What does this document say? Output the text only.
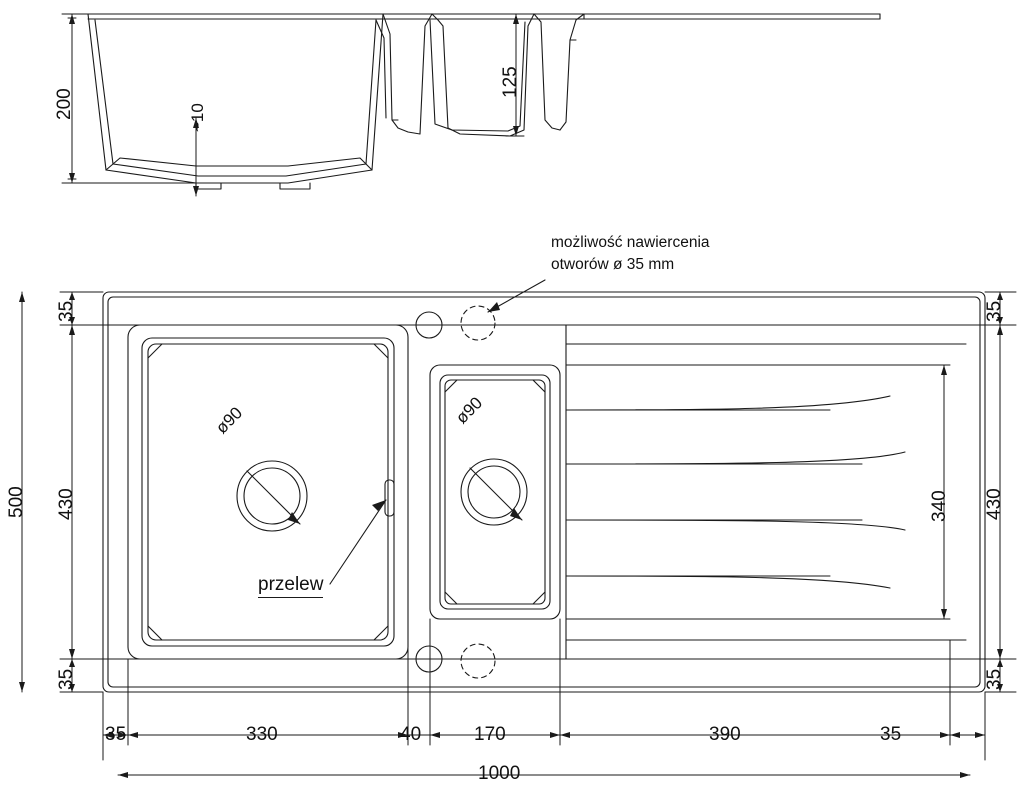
200	~10
125
możliwość nawiercenia
otworów ø 35 mm
ø90	ø90
przelew
35
430
35
500
35
430
35
340
35	330	40	170	390	35
1000
